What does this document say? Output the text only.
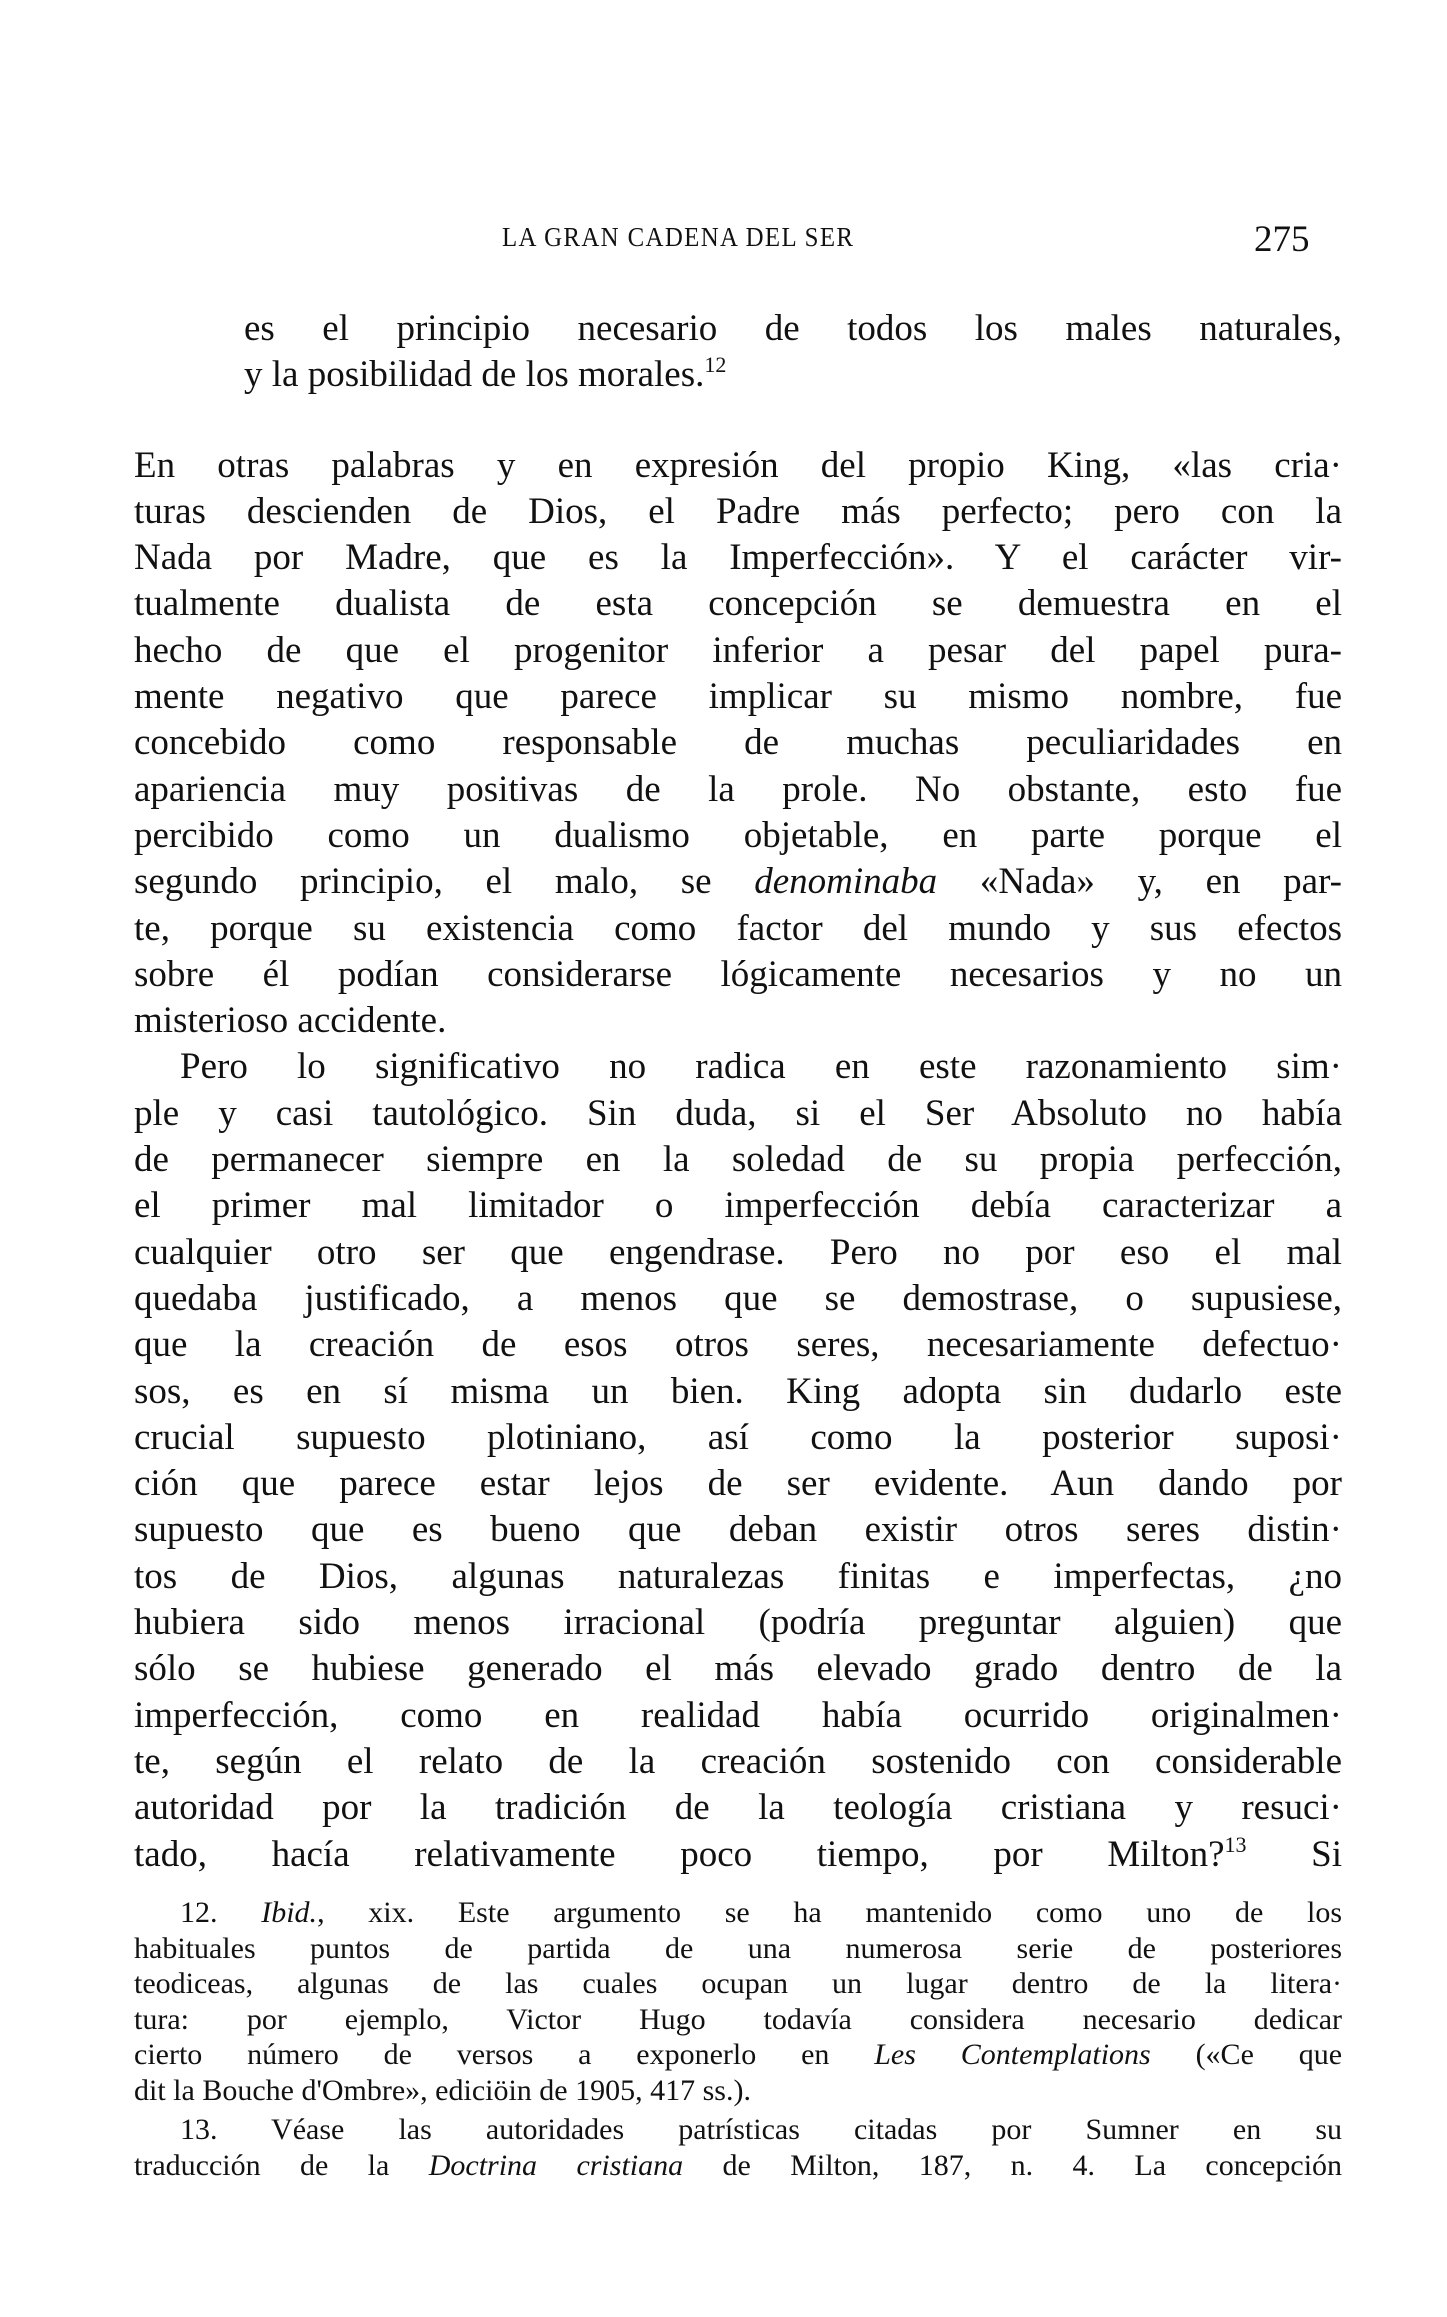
LA GRAN CADENA DEL SER	275
es el principio necesario de todos los males naturales,
y la posibilidad de los morales.$^{12}$
En otras palabras y en expresión del propio King, «las cria·
turas descienden de Dios, el Padre más perfecto; pero con la
Nada por Madre, que es la Imperfección». Y el carácter vir-
tualmente dualista de esta concepción se demuestra en el
hecho de que el progenitor inferior a pesar del papel pura-
mente negativo que parece implicar su mismo nombre, fue
concebido como responsable de muchas peculiaridades en
apariencia muy positivas de la prole. No obstante, esto fue
percibido como un dualismo objetable, en parte porque el
segundo principio, el malo, se denominaba «Nada» y, en par-
te, porque su existencia como factor del mundo y sus efectos
sobre él podían considerarse lógicamente necesarios y no un
misterioso accidente.
Pero lo significativo no radica en este razonamiento sim·
ple y casi tautológico. Sin duda, si el Ser Absoluto no había
de permanecer siempre en la soledad de su propia perfección,
el primer mal limitador o imperfección debía caracterizar a
cualquier otro ser que engendrase. Pero no por eso el mal
quedaba justificado, a menos que se demostrase, o supusiese,
que la creación de esos otros seres, necesariamente defectuo·
sos, es en sí misma un bien. King adopta sin dudarlo este
crucial supuesto plotiniano, así como la posterior suposi·
ción que parece estar lejos de ser evidente. Aun dando por
supuesto que es bueno que deban existir otros seres distin·
tos de Dios, algunas naturalezas finitas e imperfectas, ¿no
hubiera sido menos irracional (podría preguntar alguien) que
sólo se hubiese generado el más elevado grado dentro de la
imperfección, como en realidad había ocurrido originalmen·
te, según el relato de la creación sostenido con considerable
autoridad por la tradición de la teología cristiana y resuci·
tado, hacía relativamente poco tiempo, por Milton?$^{13}$ Si
12. Ibid., xix. Este argumento se ha mantenido como uno de los
habituales puntos de partida de una numerosa serie de posteriores
teodiceas, algunas de las cuales ocupan un lugar dentro de la litera·
tura: por ejemplo, Victor Hugo todavía considera necesario dedicar
cierto número de versos a exponerlo en Les Contemplations («Ce que
dit la Bouche d'Ombre», ediciöin de 1905, 417 ss.).
13. Véase las autoridades patrísticas citadas por Sumner en su
traducción de la Doctrina cristiana de Milton, 187, n. 4. La concepción
